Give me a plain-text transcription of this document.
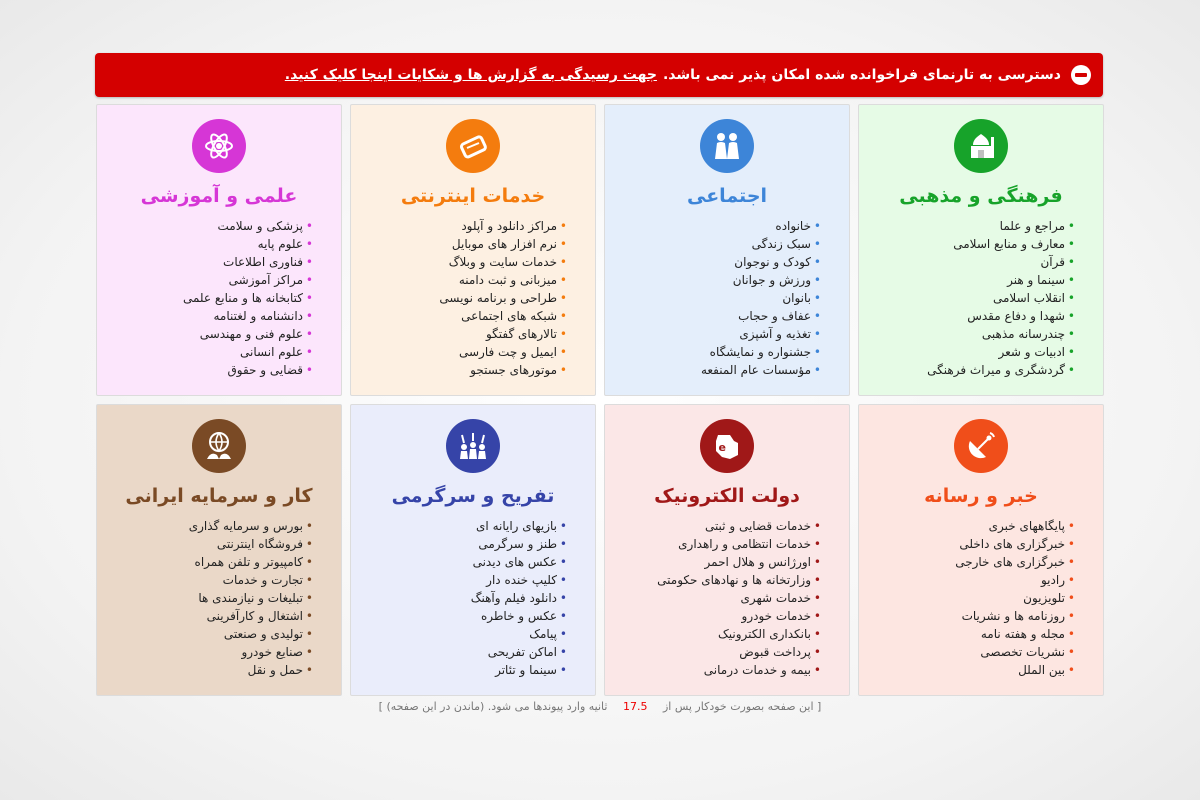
دسترسی به تارنمای فراخوانده شده امکان پذیر نمی باشد.
جهت رسیدگی به گزارش ها و شکایات اینجا کلیک کنید.
فرهنگی و مذهبی
• مراجع و علما
• معارف و منابع اسلامی
• قرآن
• سینما و هنر
• انقلاب اسلامی
• شهدا و دفاع مقدس
• چندرسانه مذهبی
• ادبیات و شعر
• گردشگری و میراث فرهنگی
اجتماعی
• خانواده
• سبک زندگی
• کودک و نوجوان
• ورزش و جوانان
• بانوان
• عفاف و حجاب
• تغذیه و آشپزی
• جشنواره و نمایشگاه
• مؤسسات عام المنفعه
خدمات اینترنتی
• مراکز دانلود و آپلود
• نرم افزار های موبایل
• خدمات سایت و وبلاگ
• میزبانی و ثبت دامنه
• طراحی و برنامه نویسی
• شبکه های اجتماعی
• تالارهای گفتگو
• ایمیل و چت فارسی
• موتورهای جستجو
علمی و آموزشی
• پزشکی و سلامت
• علوم پایه
• فناوری اطلاعات
• مراکز آموزشی
• کتابخانه ها و منابع علمی
• دانشنامه و لغتنامه
• علوم فنی و مهندسی
• علوم انسانی
• قضایی و حقوق
خبر و رسانه
• پایگاههای خبری
• خبرگزاری های داخلی
• خبرگزاری های خارجی
• رادیو
• تلویزیون
• روزنامه ها و نشریات
• مجله و هفته نامه
• نشریات تخصصی
• بین الملل
e
دولت الکترونیک
• خدمات قضایی و ثبتی
• خدمات انتظامی و راهداری
• اورژانس و هلال احمر
• وزارتخانه ها و نهادهای حکومتی
• خدمات شهری
• خدمات خودرو
• بانکداری الکترونیک
• پرداخت قبوض
• بیمه و خدمات درمانی
تفریح و سرگرمی
• بازیهای رایانه ای
• طنز و سرگرمی
• عکس های دیدنی
• کلیپ خنده دار
• دانلود فیلم وآهنگ
• عکس و خاطره
• پیامک
• اماکن تفریحی
• سینما و تئاتر
کار و سرمایه ایرانی
• بورس و سرمایه گذاری
• فروشگاه اینترنتی
• کامپیوتر و تلفن همراه
• تجارت و خدمات
• تبلیغات و نیازمندی ها
• اشتغال و کارآفرینی
• تولیدی و صنعتی
• صنایع خودرو
• حمل و نقل
[ این صفحه بصورت خودکار پس از 17.5 ثانیه وارد پیوندها می شود. (ماندن در این صفحه) ]
